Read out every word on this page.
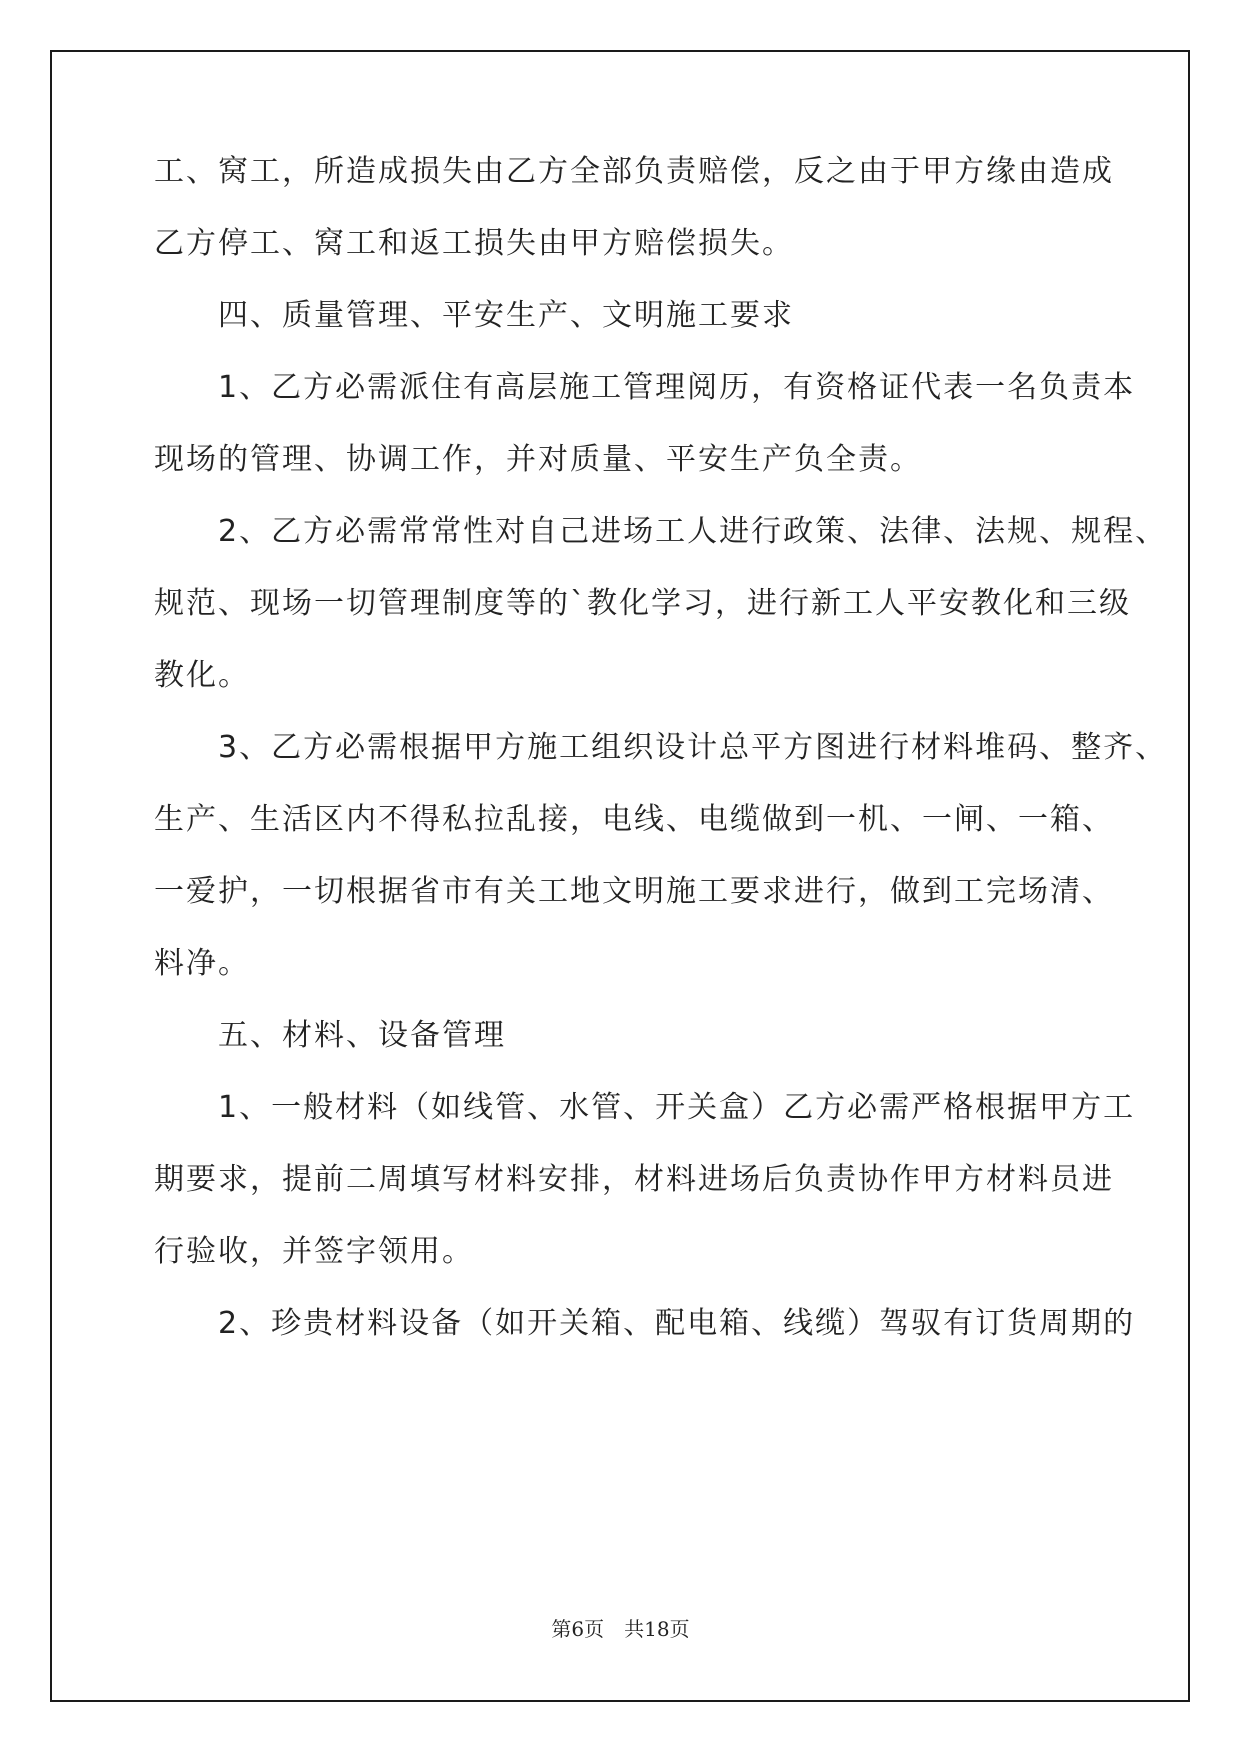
工、窝工，所造成损失由乙方全部负责赔偿，反之由于甲方缘由造成
乙方停工、窝工和返工损失由甲方赔偿损失。
　　四、质量管理、平安生产、文明施工要求
　　1、乙方必需派住有高层施工管理阅历，有资格证代表一名负责本
现场的管理、协调工作，并对质量、平安生产负全责。
　　2、乙方必需常常性对自己进场工人进行政策、法律、法规、规程、
规范、现场一切管理制度等的`教化学习，进行新工人平安教化和三级
教化。
　　3、乙方必需根据甲方施工组织设计总平方图进行材料堆码、整齐、
生产、生活区内不得私拉乱接，电线、电缆做到一机、一闸、一箱、
一爱护，一切根据省市有关工地文明施工要求进行，做到工完场清、
料净。
　　五、材料、设备管理
　　1、一般材料（如线管、水管、开关盒）乙方必需严格根据甲方工
期要求，提前二周填写材料安排，材料进场后负责协作甲方材料员进
行验收，并签字领用。
　　2、珍贵材料设备（如开关箱、配电箱、线缆）驾驭有订货周期的
第6页　共18页
